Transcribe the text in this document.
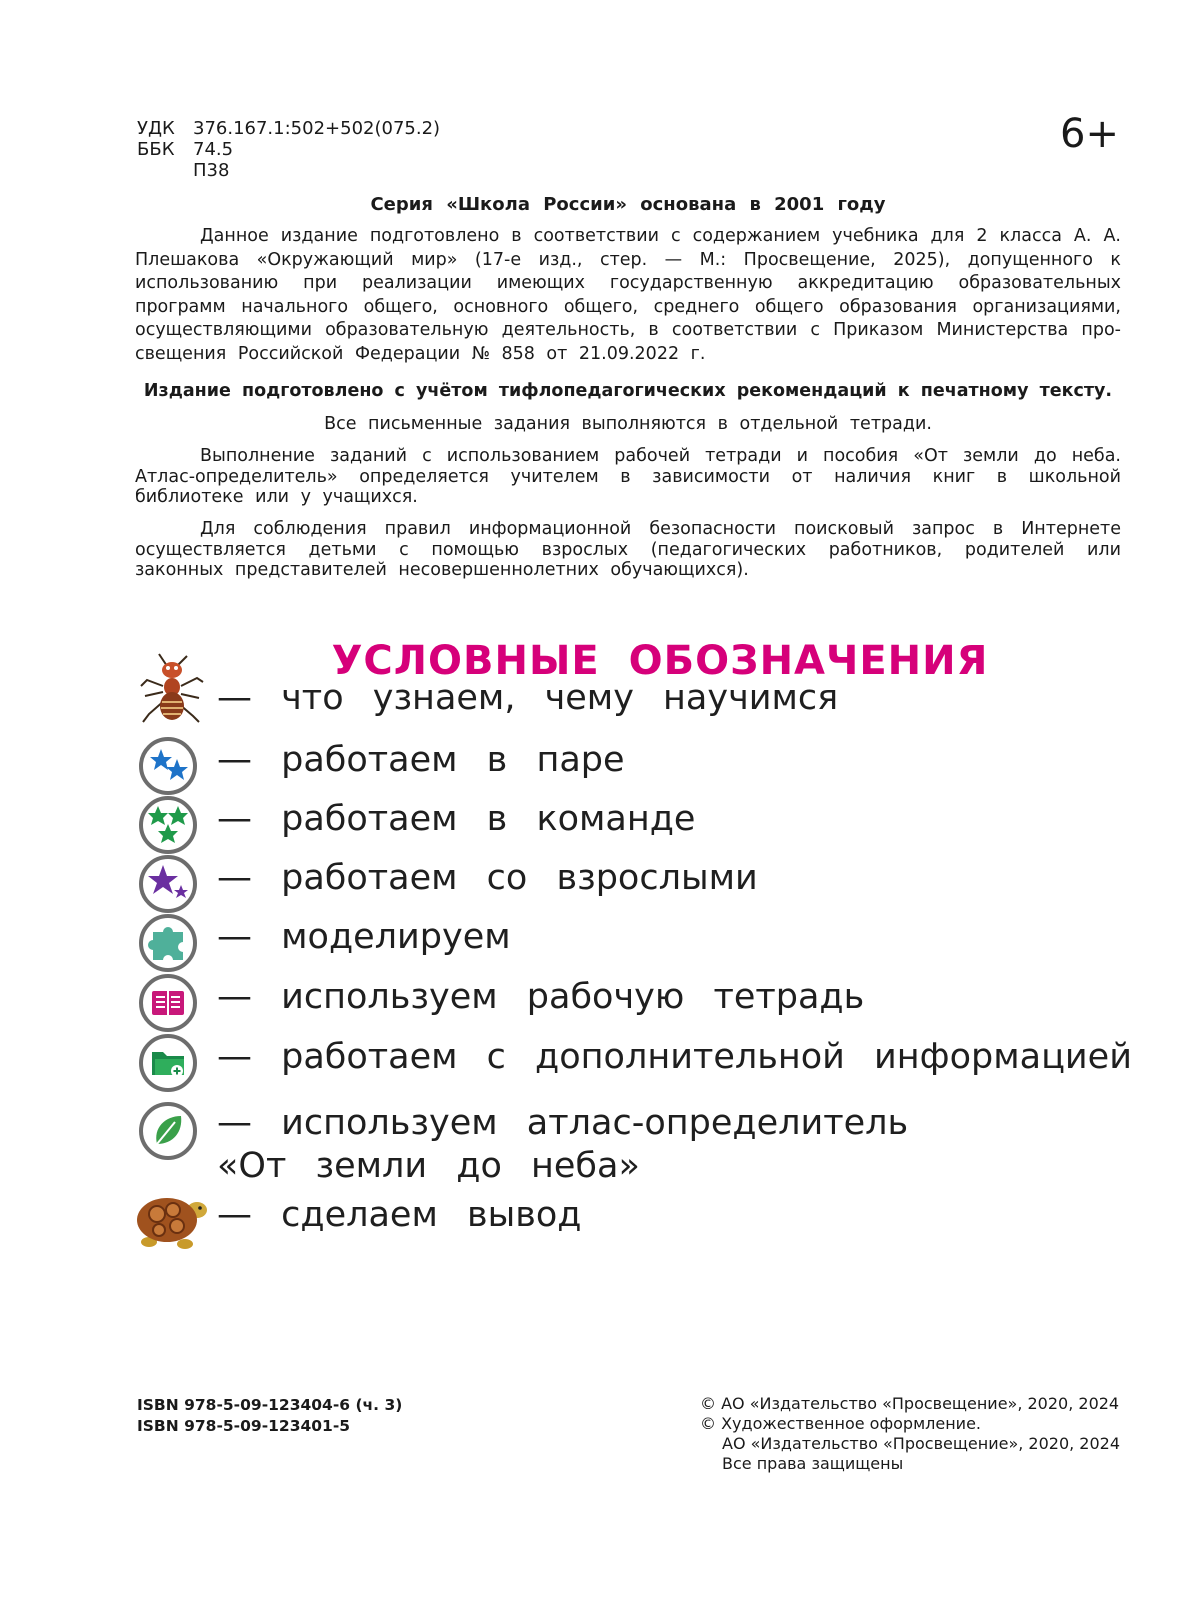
УДК	376.167.1:502+502(075.2)
ББК	74.5
П38
6+
Серия «Школа России» основана в 2001 году
Данное издание подготовлено в соответствии с содержанием учебника для 2 класса А. А. Плешакова «Окружающий мир» (17-е изд., стер. — М.: Просвещение, 2025), допущенного к использованию при реализации имеющих государственную аккредитацию образовательных программ начального общего, основного общего, среднего общего образования организациями, осуществляющими образовательную деятельность, в соответствии с Приказом Министерства просвещения Российской Федерации № 858 от 21.09.2022 г.
Издание подготовлено с учётом тифлопедагогических рекомендаций к печатному тексту.
Все письменные задания выполняются в отдельной тетради.
Выполнение заданий с использованием рабочей тетради и пособия «От земли до неба. Атлас-определитель» определяется учителем в зависимости от наличия книг в школьной библиотеке или у учащихся.
Для соблюдения правил информационной безопасности поисковый запрос в Интернете осуществляется детьми с помощью взрослых (педагогических работников, родителей или законных представителей несовершеннолетних обучающихся).
УСЛОВНЫЕ ОБОЗНАЧЕНИЯ
— что узнаем, чему научимся
— работаем в паре
— работаем в команде
— работаем со взрослыми
— моделируем
— используем рабочую тетрадь
— работаем с дополнительной информацией
— используем атлас-определитель
«От земли до неба»
— сделаем вывод
ISBN 978-5-09-123404-6 (ч. 3)
ISBN 978-5-09-123401-5
© АО «Издательство «Просвещение», 2020, 2024
© Художественное оформление.
АО «Издательство «Просвещение», 2020, 2024
Все права защищены
